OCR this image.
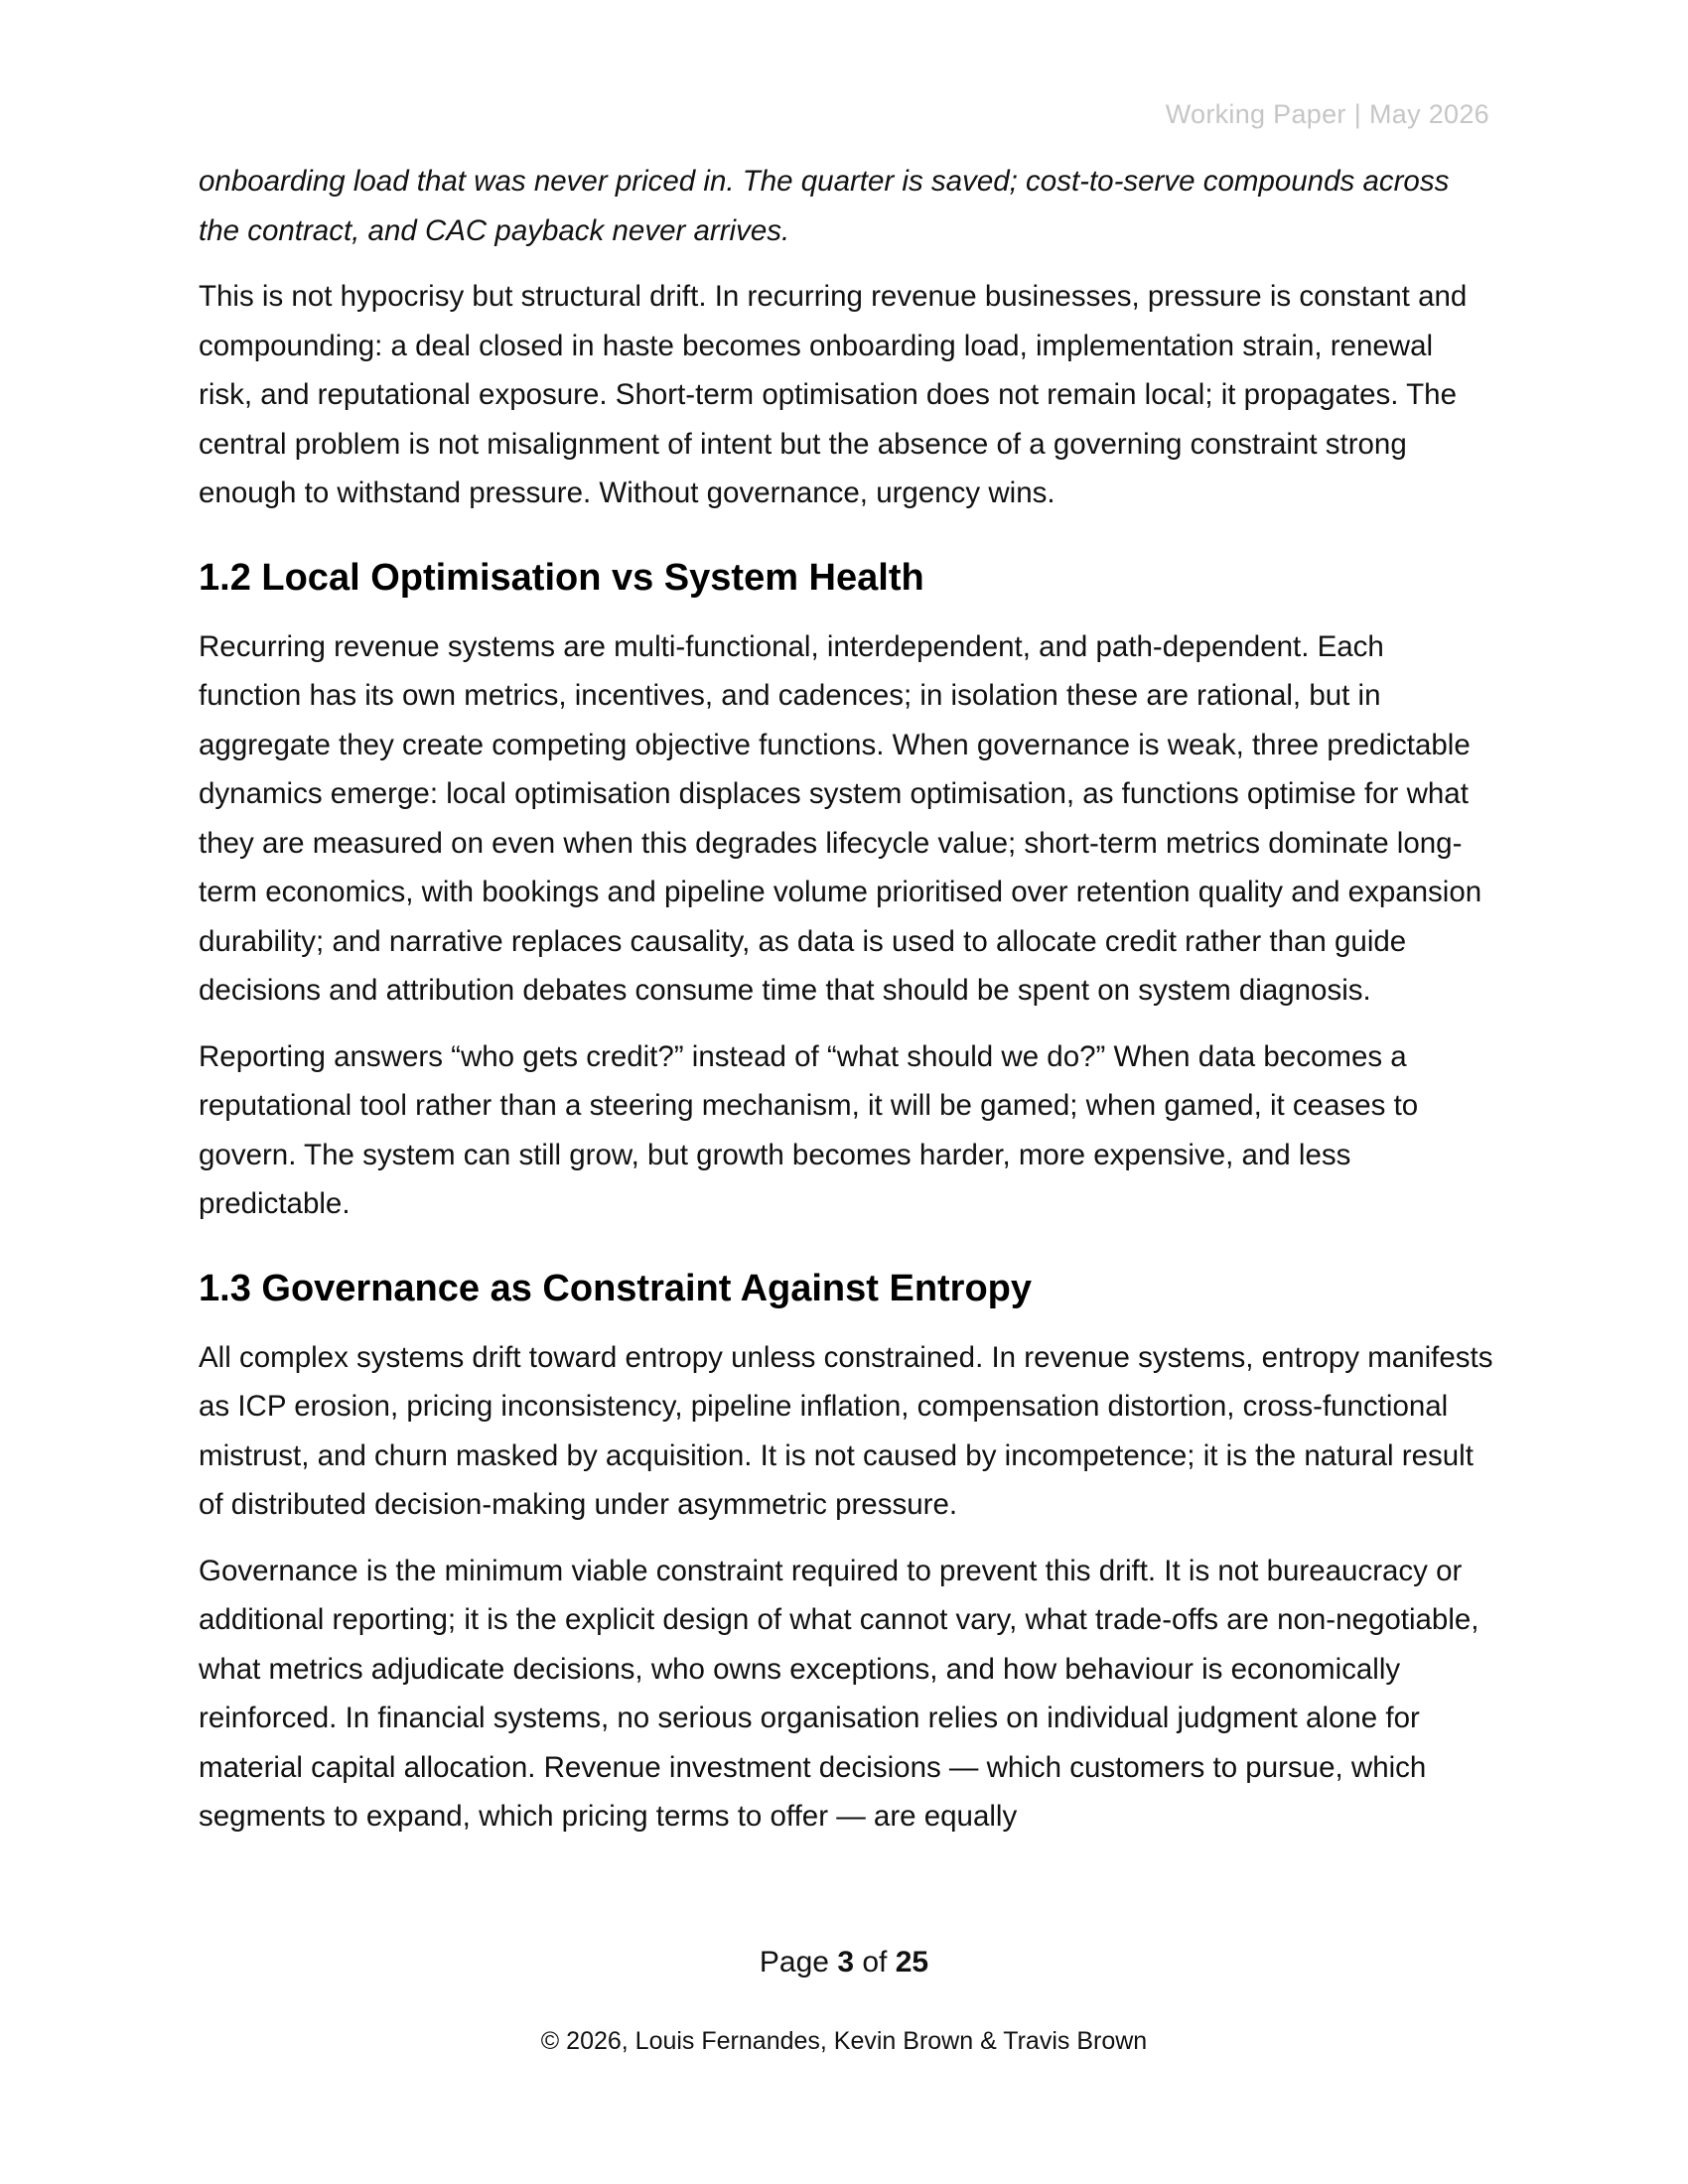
Working Paper | May 2026

onboarding load that was never priced in. The quarter is saved; cost-to-serve compounds across the contract, and CAC payback never arrives.

This is not hypocrisy but structural drift. In recurring revenue businesses, pressure is constant and compounding: a deal closed in haste becomes onboarding load, implementation strain, renewal risk, and reputational exposure. Short-term optimisation does not remain local; it propagates. The central problem is not misalignment of intent but the absence of a governing constraint strong enough to withstand pressure. Without governance, urgency wins.

1.2 Local Optimisation vs System Health

Recurring revenue systems are multi-functional, interdependent, and path-dependent. Each function has its own metrics, incentives, and cadences; in isolation these are rational, but in aggregate they create competing objective functions. When governance is weak, three predictable dynamics emerge: local optimisation displaces system optimisation, as functions optimise for what they are measured on even when this degrades lifecycle value; short-term metrics dominate long-term economics, with bookings and pipeline volume prioritised over retention quality and expansion durability; and narrative replaces causality, as data is used to allocate credit rather than guide decisions and attribution debates consume time that should be spent on system diagnosis.

Reporting answers “who gets credit?” instead of “what should we do?” When data becomes a reputational tool rather than a steering mechanism, it will be gamed; when gamed, it ceases to govern. The system can still grow, but growth becomes harder, more expensive, and less predictable.

1.3 Governance as Constraint Against Entropy

All complex systems drift toward entropy unless constrained. In revenue systems, entropy manifests as ICP erosion, pricing inconsistency, pipeline inflation, compensation distortion, cross-functional mistrust, and churn masked by acquisition. It is not caused by incompetence; it is the natural result of distributed decision-making under asymmetric pressure.

Governance is the minimum viable constraint required to prevent this drift. It is not bureaucracy or additional reporting; it is the explicit design of what cannot vary, what trade-offs are non-negotiable, what metrics adjudicate decisions, who owns exceptions, and how behaviour is economically reinforced. In financial systems, no serious organisation relies on individual judgment alone for material capital allocation. Revenue investment decisions — which customers to pursue, which segments to expand, which pricing terms to offer — are equally

Page 3 of 25
© 2026, Louis Fernandes, Kevin Brown & Travis Brown
